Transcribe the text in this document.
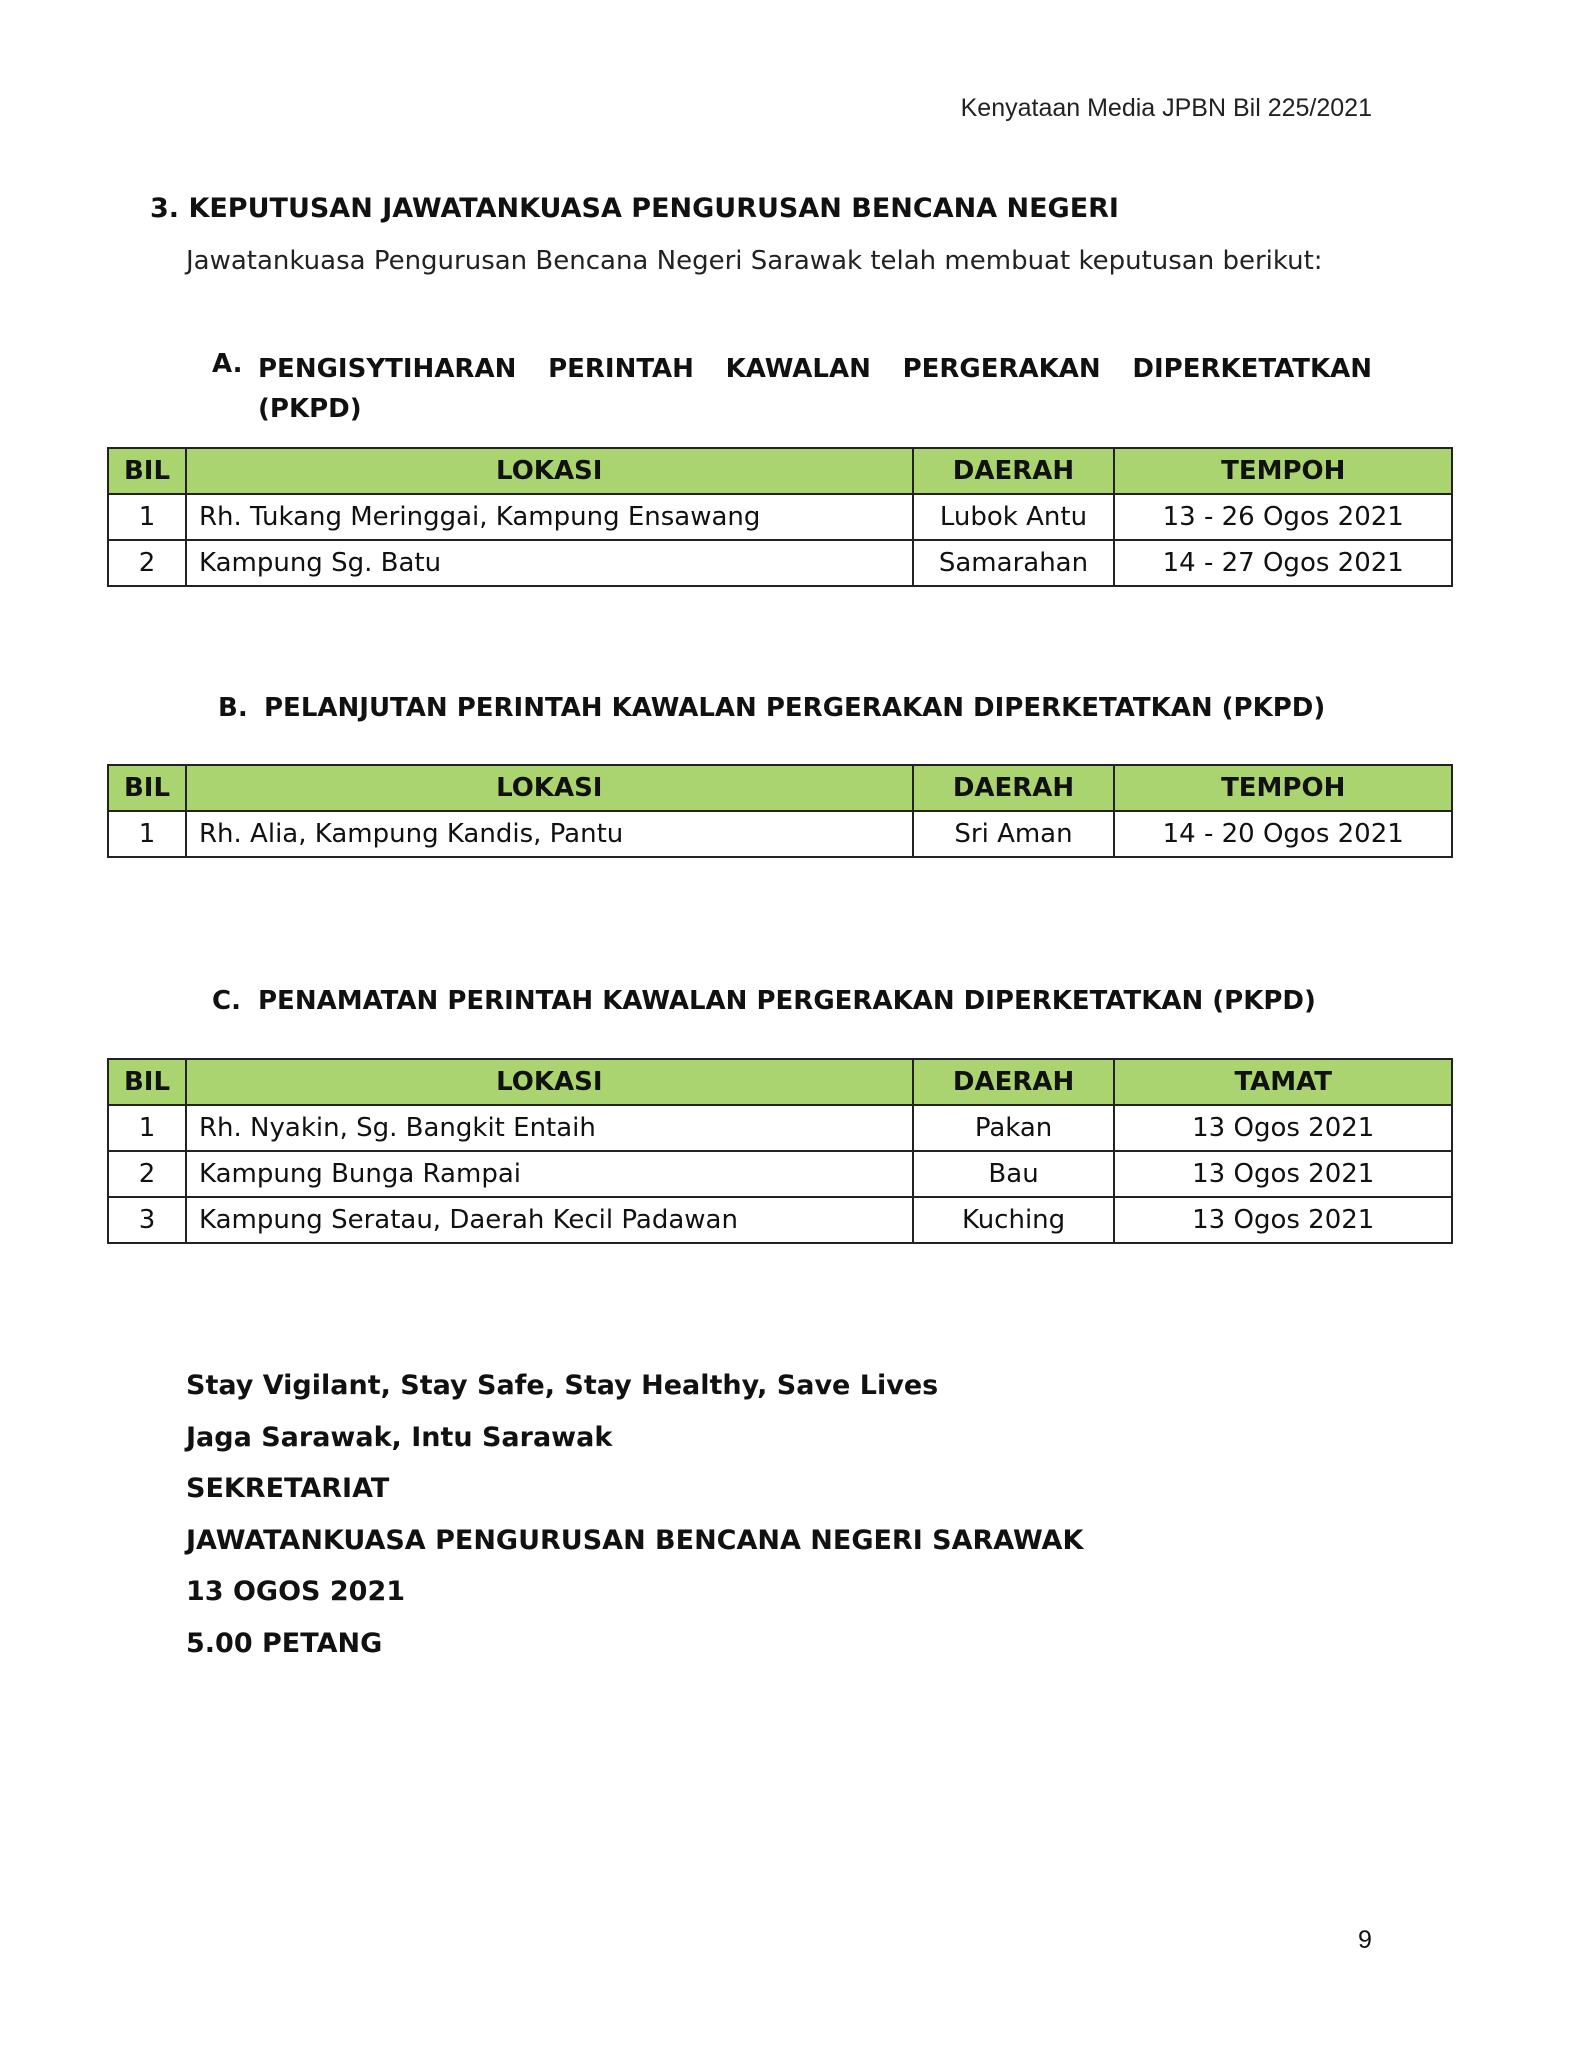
Kenyataan Media JPBN Bil 225/2021
3. KEPUTUSAN JAWATANKUASA PENGURUSAN BENCANA NEGERI
Jawatankuasa Pengurusan Bencana Negeri Sarawak telah membuat keputusan berikut:
A. PENGISYTIHARAN PERINTAH KAWALAN PERGERAKAN DIPERKETATKAN
(PKPD)
BIL	LOKASI	DAERAH	TEMPOH
1	Rh. Tukang Meringgai, Kampung Ensawang	Lubok Antu	13 - 26 Ogos 2021
2	Kampung Sg. Batu	Samarahan	14 - 27 Ogos 2021
B. PELANJUTAN PERINTAH KAWALAN PERGERAKAN DIPERKETATKAN (PKPD)
BIL	LOKASI	DAERAH	TEMPOH
1	Rh. Alia, Kampung Kandis, Pantu	Sri Aman	14 - 20 Ogos 2021
C. PENAMATAN PERINTAH KAWALAN PERGERAKAN DIPERKETATKAN (PKPD)
BIL	LOKASI	DAERAH	TAMAT
1	Rh. Nyakin, Sg. Bangkit Entaih	Pakan	13 Ogos 2021
2	Kampung Bunga Rampai	Bau	13 Ogos 2021
3	Kampung Seratau, Daerah Kecil Padawan	Kuching	13 Ogos 2021
Stay Vigilant, Stay Safe, Stay Healthy, Save Lives
Jaga Sarawak, Intu Sarawak
SEKRETARIAT
JAWATANKUASA PENGURUSAN BENCANA NEGERI SARAWAK
13 OGOS 2021
5.00 PETANG
9
